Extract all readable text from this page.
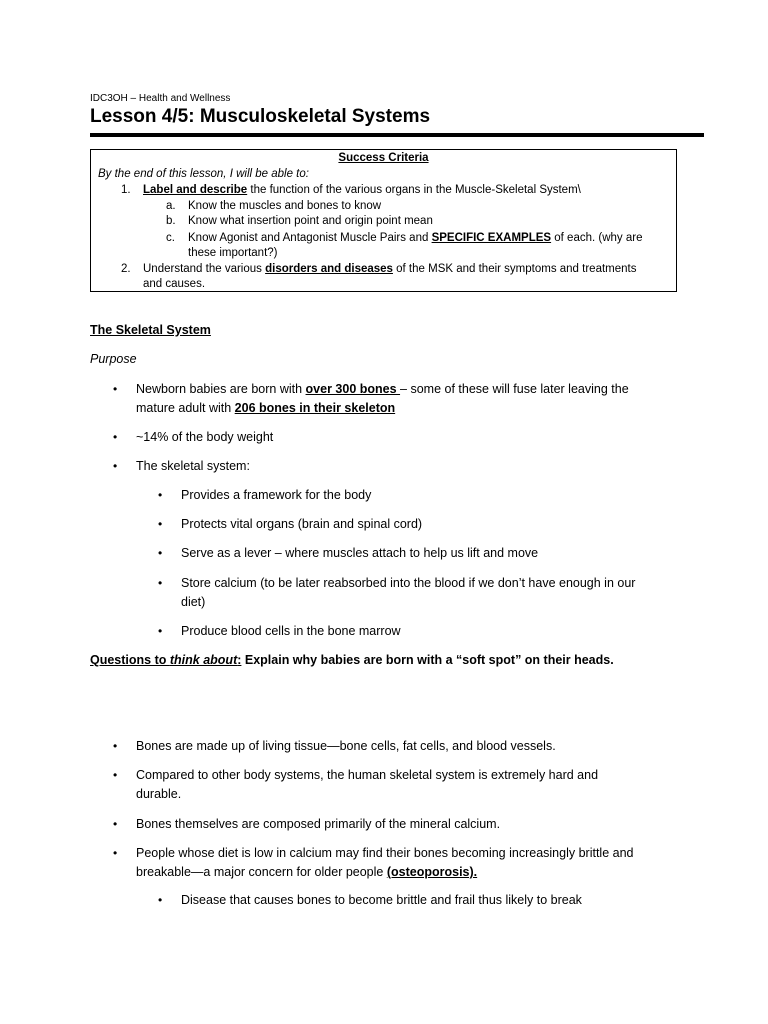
IDC3OH – Health and Wellness
Lesson 4/5: Musculoskeletal Systems
Success Criteria
By the end of this lesson, I will be able to:
1. Label and describe the function of the various organs in the Muscle-Skeletal System\
a. Know the muscles and bones to know
b. Know what insertion point and origin point mean
c. Know Agonist and Antagonist Muscle Pairs and SPECIFIC EXAMPLES of each. (why are
these important?)
2. Understand the various disorders and diseases of the MSK and their symptoms and treatments
and causes.
The Skeletal System
Purpose
• Newborn babies are born with over 300 bones – some of these will fuse later leaving the
mature adult with 206 bones in their skeleton
• ~14% of the body weight
• The skeletal system:
• Provides a framework for the body
• Protects vital organs (brain and spinal cord)
• Serve as a lever – where muscles attach to help us lift and move
• Store calcium (to be later reabsorbed into the blood if we don’t have enough in our
diet)
• Produce blood cells in the bone marrow
Questions to think about: Explain why babies are born with a “soft spot” on their heads.
• Bones are made up of living tissue—bone cells, fat cells, and blood vessels.
• Compared to other body systems, the human skeletal system is extremely hard and
durable.
• Bones themselves are composed primarily of the mineral calcium.
• People whose diet is low in calcium may find their bones becoming increasingly brittle and
breakable—a major concern for older people (osteoporosis).
• Disease that causes bones to become brittle and frail thus likely to break
